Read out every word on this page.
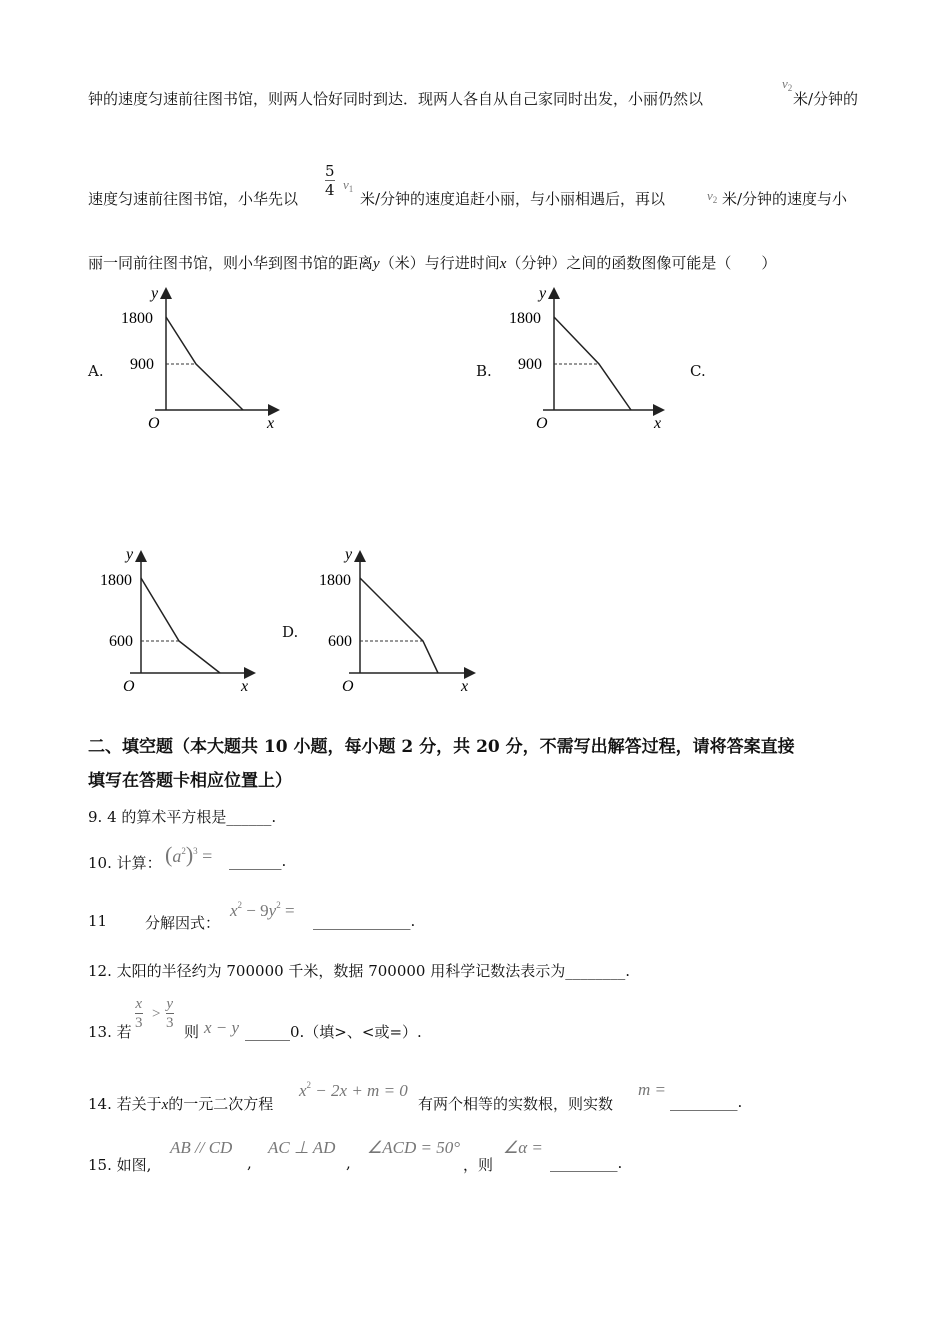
钟的速度匀速前往图书馆，则两人恰好同时到达．现两人各自从自己家同时出发，小丽仍然以
$v_2$
米/分钟的
速度匀速前往图书馆，小华先以 $\frac{5}{4} v_1$
米/分钟的速度追赶小丽，与小丽相遇后，再以	$v_2$ 米/分钟的速度与小
丽一同前往图书馆，则小华到图书馆的距离y（米）与行进时间x（分钟）之间的函数图像可能是（　　）
A.	B.	C.
D.
y
1800
900
O	x
y
1800
900
O	x
y
1800
600
O	x
y
1800
600
O	x
二、填空题（本大题共 10 小题，每小题 2 分，共 20 分，不需写出解答过程，请将答案直接
填写在答题卡相应位置上）
9. 4 的算术平方根是______.
10. 计算： $(a^2)^3$ = _______.
11	分解因式：
$x^2 - 9y^2$ =
_____________.
12. 太阳的半径约为 700000 千米，数据 700000 用科学记数法表示为________.
13. 若 $\frac{x}{3} > \frac{y}{3}$ 则 x − y ______0.（填>、<或=）.
14. 若关于x的一元二次方程
$x^2 - 2x + m = 0$
有两个相等的实数根，则实数
m =
_________.
15. 如图,
AB // CD
,
AC ⊥ AD
,
∠ACD = 50°
，则
∠α =
_________.
